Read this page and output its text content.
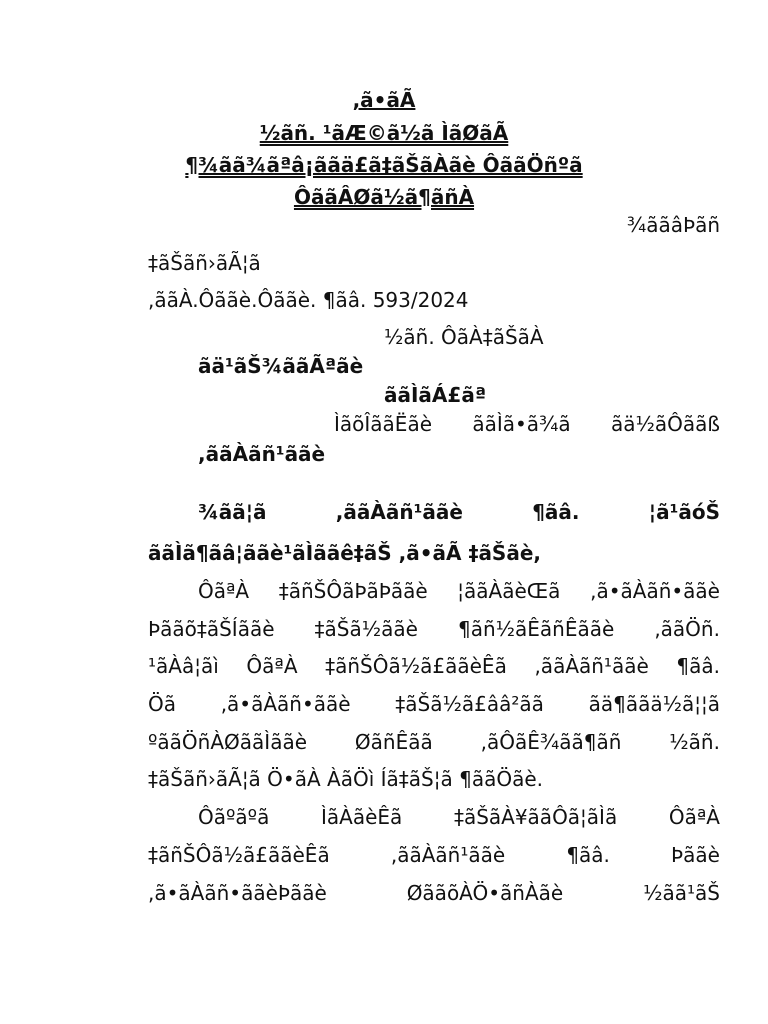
,ã•ãÃ
½ãñ. ¹ãÆ©ã½ã ÌãØãÃ
¶¾ãã¾ãªâ¡ããä£ã‡ãŠãÀãè ÔããÖñºã
ÔããÂØã½ã¶ãñÀ
¾ããâÞãñ
‡ãŠãñ›ãÃ¦ã
,ããÀ.Ôããè.Ôããè. ¶ãâ. 593/2024
½ãñ. ÔãÀ‡ãŠãÀ
ãä¹ãŠ¾ããÃªãè
ããÌãÁ£ãª
ÌãõÎããËãè ããÌã•ã¾ã ãä½ãÔããß
,ããÀãñ¹ããè
¾ãã¦ã	,ããÀãñ¹ããè	¶ãâ.	¦ã¹ãóŠ
ããÌã¶ãâ¦ããè¹ãÌããê‡ãŠ ,ã•ãÃ ‡ãŠãè,
ÔãªÀ ‡ãñŠÔãÞãÞããè ¦ããÀãèŒã ,ã•ãÀãñ•ããè
Þããõ‡ãŠÍããè ‡ãŠã½ããè ¶ãñ½ãÊãñÊããè ,ããÖñ.
¹ãÀâ¦ãì ÔãªÀ ‡ãñŠÔã½ã£ããèÊã ,ããÀãñ¹ããè ¶ãâ.
Öã ,ã•ãÀãñ•ããè ‡ãŠã½ã£ââ²ãã ãä¶ããä½ã¦¦ã
ºããÖñÀØããÌããè ØãñÊãã ,ãÔãÊ¾ãã¶ãñ ½ãñ.
‡ãŠãñ›ãÃ¦ã Ö•ãÀ ÀãÖì Íã‡ãŠ¦ã ¶ããÖãè.
Ôãºãºã	ÌãÀãèÊã	‡ãŠãÀ¥ããÔã¦ãÌã	ÔãªÀ
‡ãñŠÔã½ã£ããèÊã	,ããÀãñ¹ããè	¶ãâ.	Þããè
,ã•ãÀãñ•ããèÞããè	ØããõÀÖ•ãñÀãè	½ãã¹ãŠ
